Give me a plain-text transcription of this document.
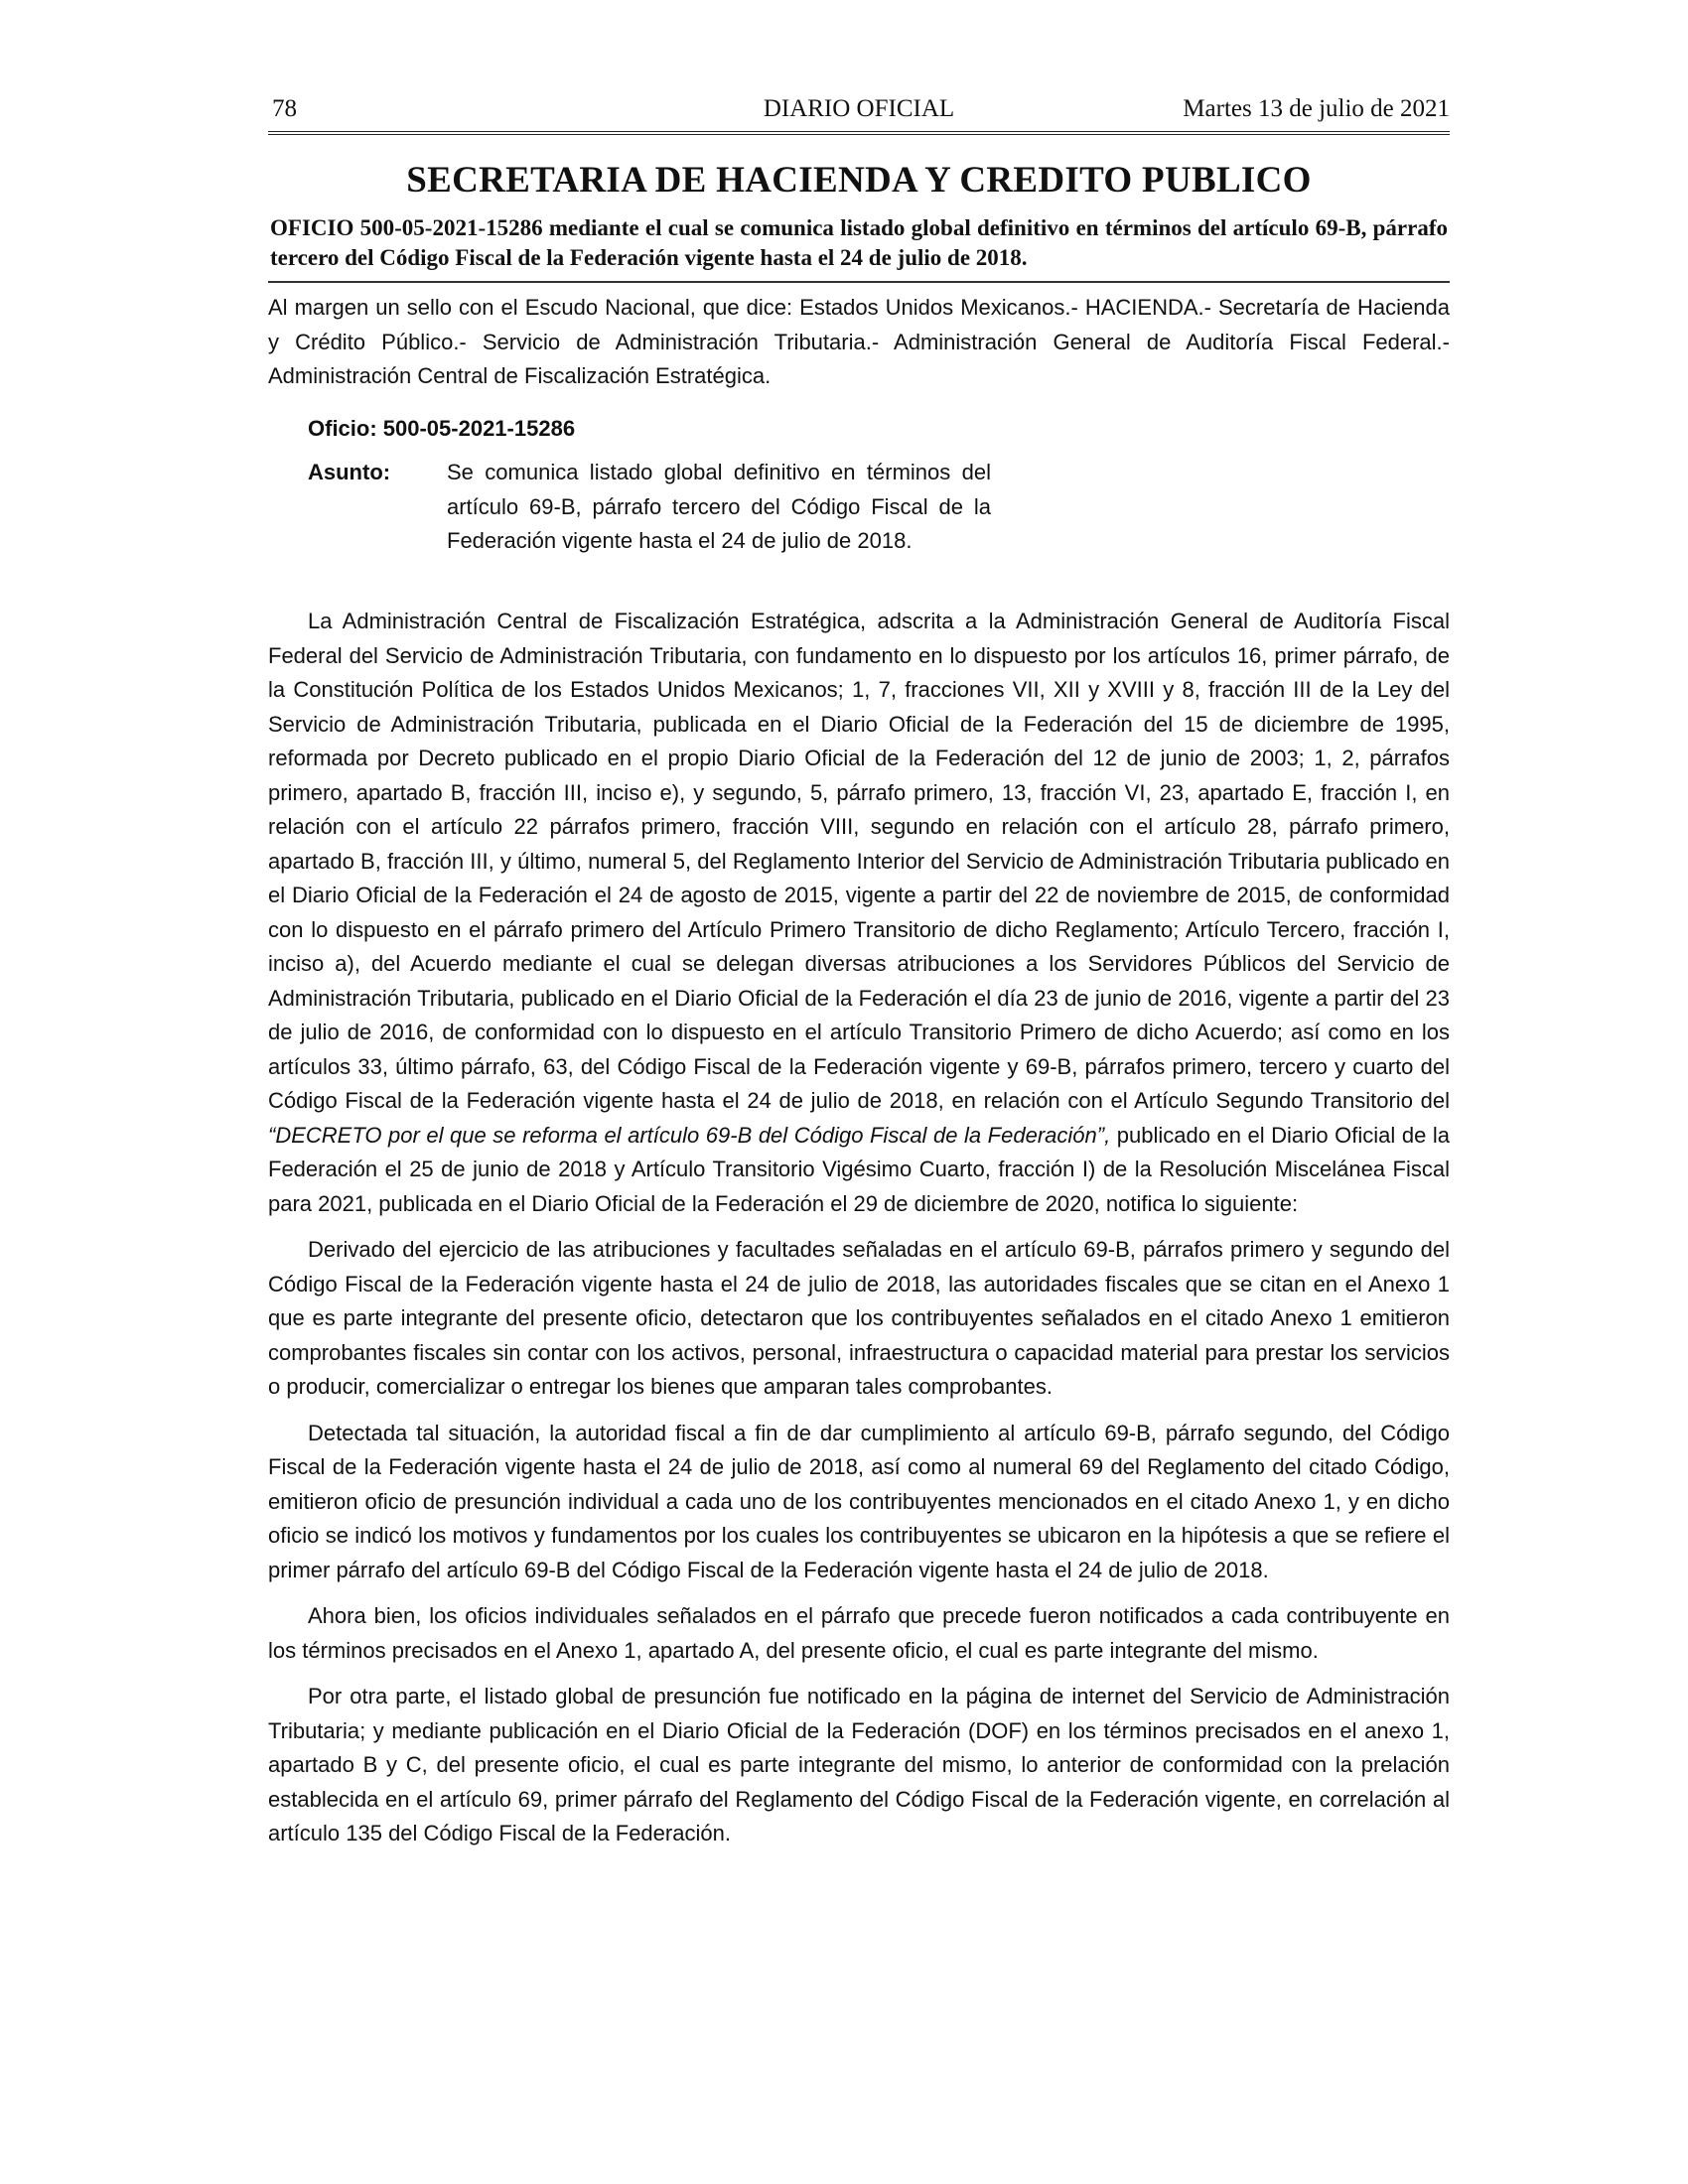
78	DIARIO OFICIAL	Martes 13 de julio de 2021
SECRETARIA DE HACIENDA Y CREDITO PUBLICO
OFICIO 500-05-2021-15286 mediante el cual se comunica listado global definitivo en términos del artículo 69-B, párrafo tercero del Código Fiscal de la Federación vigente hasta el 24 de julio de 2018.

Al margen un sello con el Escudo Nacional, que dice: Estados Unidos Mexicanos.- HACIENDA.- Secretaría de Hacienda y Crédito Público.- Servicio de Administración Tributaria.- Administración General de Auditoría Fiscal Federal.- Administración Central de Fiscalización Estratégica.

Oficio: 500-05-2021-15286
Asunto:	Se comunica listado global definitivo en términos del artículo 69-B, párrafo tercero del Código Fiscal de la Federación vigente hasta el 24 de julio de 2018.

La Administración Central de Fiscalización Estratégica, adscrita a la Administración General de Auditoría Fiscal Federal del Servicio de Administración Tributaria, con fundamento en lo dispuesto por los artículos 16, primer párrafo, de la Constitución Política de los Estados Unidos Mexicanos; 1, 7, fracciones VII, XII y XVIII y 8, fracción III de la Ley del Servicio de Administración Tributaria, publicada en el Diario Oficial de la Federación del 15 de diciembre de 1995, reformada por Decreto publicado en el propio Diario Oficial de la Federación del 12 de junio de 2003; 1, 2, párrafos primero, apartado B, fracción III, inciso e), y segundo, 5, párrafo primero, 13, fracción VI, 23, apartado E, fracción I, en relación con el artículo 22 párrafos primero, fracción VIII, segundo en relación con el artículo 28, párrafo primero, apartado B, fracción III, y último, numeral 5, del Reglamento Interior del Servicio de Administración Tributaria publicado en el Diario Oficial de la Federación el 24 de agosto de 2015, vigente a partir del 22 de noviembre de 2015, de conformidad con lo dispuesto en el párrafo primero del Artículo Primero Transitorio de dicho Reglamento; Artículo Tercero, fracción I, inciso a), del Acuerdo mediante el cual se delegan diversas atribuciones a los Servidores Públicos del Servicio de Administración Tributaria, publicado en el Diario Oficial de la Federación el día 23 de junio de 2016, vigente a partir del 23 de julio de 2016, de conformidad con lo dispuesto en el artículo Transitorio Primero de dicho Acuerdo; así como en los artículos 33, último párrafo, 63, del Código Fiscal de la Federación vigente y 69-B, párrafos primero, tercero y cuarto del Código Fiscal de la Federación vigente hasta el 24 de julio de 2018, en relación con el Artículo Segundo Transitorio del “DECRETO por el que se reforma el artículo 69-B del Código Fiscal de la Federación”, publicado en el Diario Oficial de la Federación el 25 de junio de 2018 y Artículo Transitorio Vigésimo Cuarto, fracción I) de la Resolución Miscelánea Fiscal para 2021, publicada en el Diario Oficial de la Federación el 29 de diciembre de 2020, notifica lo siguiente:

Derivado del ejercicio de las atribuciones y facultades señaladas en el artículo 69-B, párrafos primero y segundo del Código Fiscal de la Federación vigente hasta el 24 de julio de 2018, las autoridades fiscales que se citan en el Anexo 1 que es parte integrante del presente oficio, detectaron que los contribuyentes señalados en el citado Anexo 1 emitieron comprobantes fiscales sin contar con los activos, personal, infraestructura o capacidad material para prestar los servicios o producir, comercializar o entregar los bienes que amparan tales comprobantes.

Detectada tal situación, la autoridad fiscal a fin de dar cumplimiento al artículo 69-B, párrafo segundo, del Código Fiscal de la Federación vigente hasta el 24 de julio de 2018, así como al numeral 69 del Reglamento del citado Código, emitieron oficio de presunción individual a cada uno de los contribuyentes mencionados en el citado Anexo 1, y en dicho oficio se indicó los motivos y fundamentos por los cuales los contribuyentes se ubicaron en la hipótesis a que se refiere el primer párrafo del artículo 69-B del Código Fiscal de la Federación vigente hasta el 24 de julio de 2018.

Ahora bien, los oficios individuales señalados en el párrafo que precede fueron notificados a cada contribuyente en los términos precisados en el Anexo 1, apartado A, del presente oficio, el cual es parte integrante del mismo.

Por otra parte, el listado global de presunción fue notificado en la página de internet del Servicio de Administración Tributaria; y mediante publicación en el Diario Oficial de la Federación (DOF) en los términos precisados en el anexo 1, apartado B y C, del presente oficio, el cual es parte integrante del mismo, lo anterior de conformidad con la prelación establecida en el artículo 69, primer párrafo del Reglamento del Código Fiscal de la Federación vigente, en correlación al artículo 135 del Código Fiscal de la Federación.
